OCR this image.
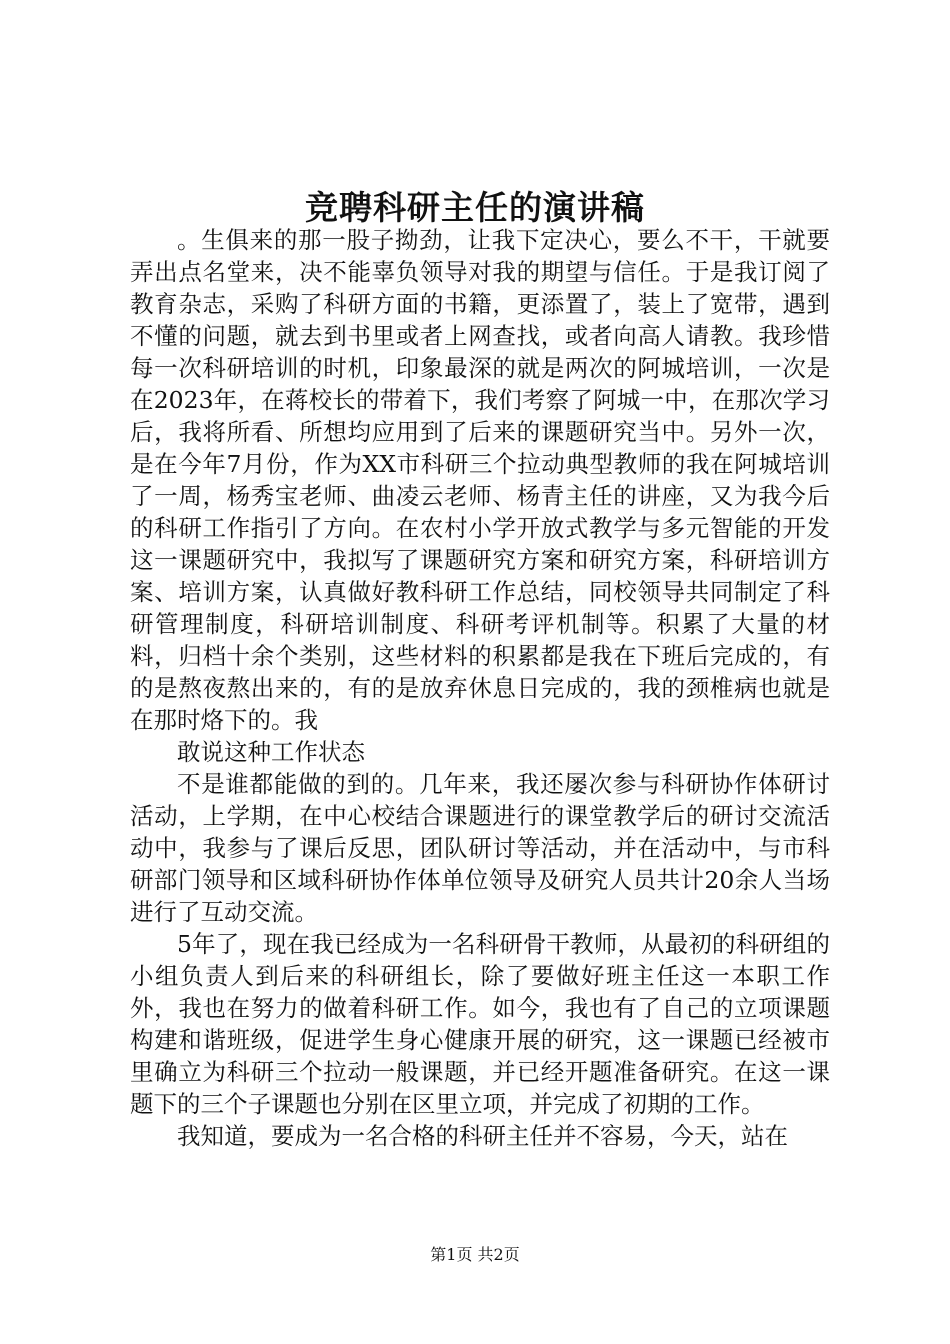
竞聘科研主任的演讲稿

。生俱来的那一股子拗劲，让我下定决心，要么不干，干就要弄出点名堂来，决不能辜负领导对我的期望与信任。于是我订阅了教育杂志，采购了科研方面的书籍，更添置了，装上了宽带，遇到不懂的问题，就去到书里或者上网查找，或者向高人请教。我珍惜每一次科研培训的时机，印象最深的就是两次的阿城培训，一次是在2023年，在蒋校长的带着下，我们考察了阿城一中，在那次学习后，我将所看、所想均应用到了后来的课题研究当中。另外一次，是在今年7月份，作为XX市科研三个拉动典型教师的我在阿城培训了一周，杨秀宝老师、曲凌云老师、杨青主任的讲座，又为我今后的科研工作指引了方向。在农村小学开放式教学与多元智能的开发这一课题研究中，我拟写了课题研究方案和研究方案，科研培训方案、培训方案，认真做好教科研工作总结，同校领导共同制定了科研管理制度，科研培训制度、科研考评机制等。积累了大量的材料，归档十余个类别，这些材料的积累都是我在下班后完成的，有的是熬夜熬出来的，有的是放弃休息日完成的，我的颈椎病也就是在那时烙下的。我

敢说这种工作状态

不是谁都能做的到的。几年来，我还屡次参与科研协作体研讨活动，上学期，在中心校结合课题进行的课堂教学后的研讨交流活动中，我参与了课后反思，团队研讨等活动，并在活动中，与市科研部门领导和区域科研协作体单位领导及研究人员共计20余人当场进行了互动交流。

5年了，现在我已经成为一名科研骨干教师，从最初的科研组的小组负责人到后来的科研组长，除了要做好班主任这一本职工作外，我也在努力的做着科研工作。如今，我也有了自己的立项课题构建和谐班级，促进学生身心健康开展的研究，这一课题已经被市里确立为科研三个拉动一般课题，并已经开题准备研究。在这一课题下的三个子课题也分别在区里立项，并完成了初期的工作。

我知道，要成为一名合格的科研主任并不容易，今天，站在

第1页 共2页
